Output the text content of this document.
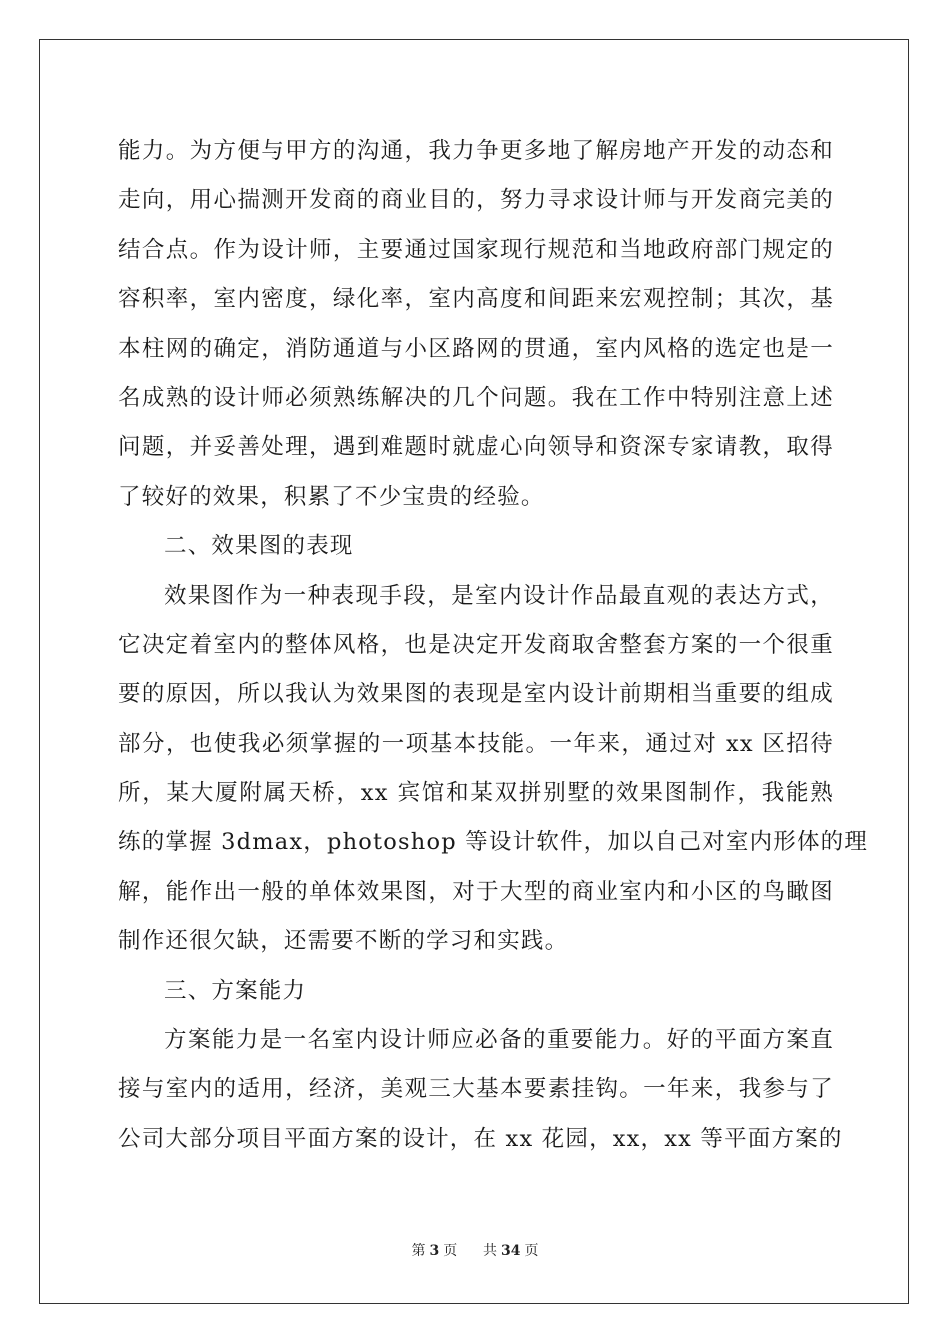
能力。为方便与甲方的沟通，我力争更多地了解房地产开发的动态和
走向，用心揣测开发商的商业目的，努力寻求设计师与开发商完美的
结合点。作为设计师，主要通过国家现行规范和当地政府部门规定的
容积率，室内密度，绿化率，室内高度和间距来宏观控制；其次，基
本柱网的确定，消防通道与小区路网的贯通，室内风格的选定也是一
名成熟的设计师必须熟练解决的几个问题。我在工作中特别注意上述
问题，并妥善处理，遇到难题时就虚心向领导和资深专家请教，取得
了较好的效果，积累了不少宝贵的经验。
二、效果图的表现
效果图作为一种表现手段，是室内设计作品最直观的表达方式，
它决定着室内的整体风格，也是决定开发商取舍整套方案的一个很重
要的原因，所以我认为效果图的表现是室内设计前期相当重要的组成
部分，也使我必须掌握的一项基本技能。一年来，通过对 xx 区招待
所，某大厦附属天桥，xx 宾馆和某双拼别墅的效果图制作，我能熟
练的掌握 3dmax，photoshop 等设计软件，加以自己对室内形体的理
解，能作出一般的单体效果图，对于大型的商业室内和小区的鸟瞰图
制作还很欠缺，还需要不断的学习和实践。
三、方案能力
方案能力是一名室内设计师应必备的重要能力。好的平面方案直
接与室内的适用，经济，美观三大基本要素挂钩。一年来，我参与了
公司大部分项目平面方案的设计，在 xx 花园，xx，xx 等平面方案的
第 3 页 共 34 页
